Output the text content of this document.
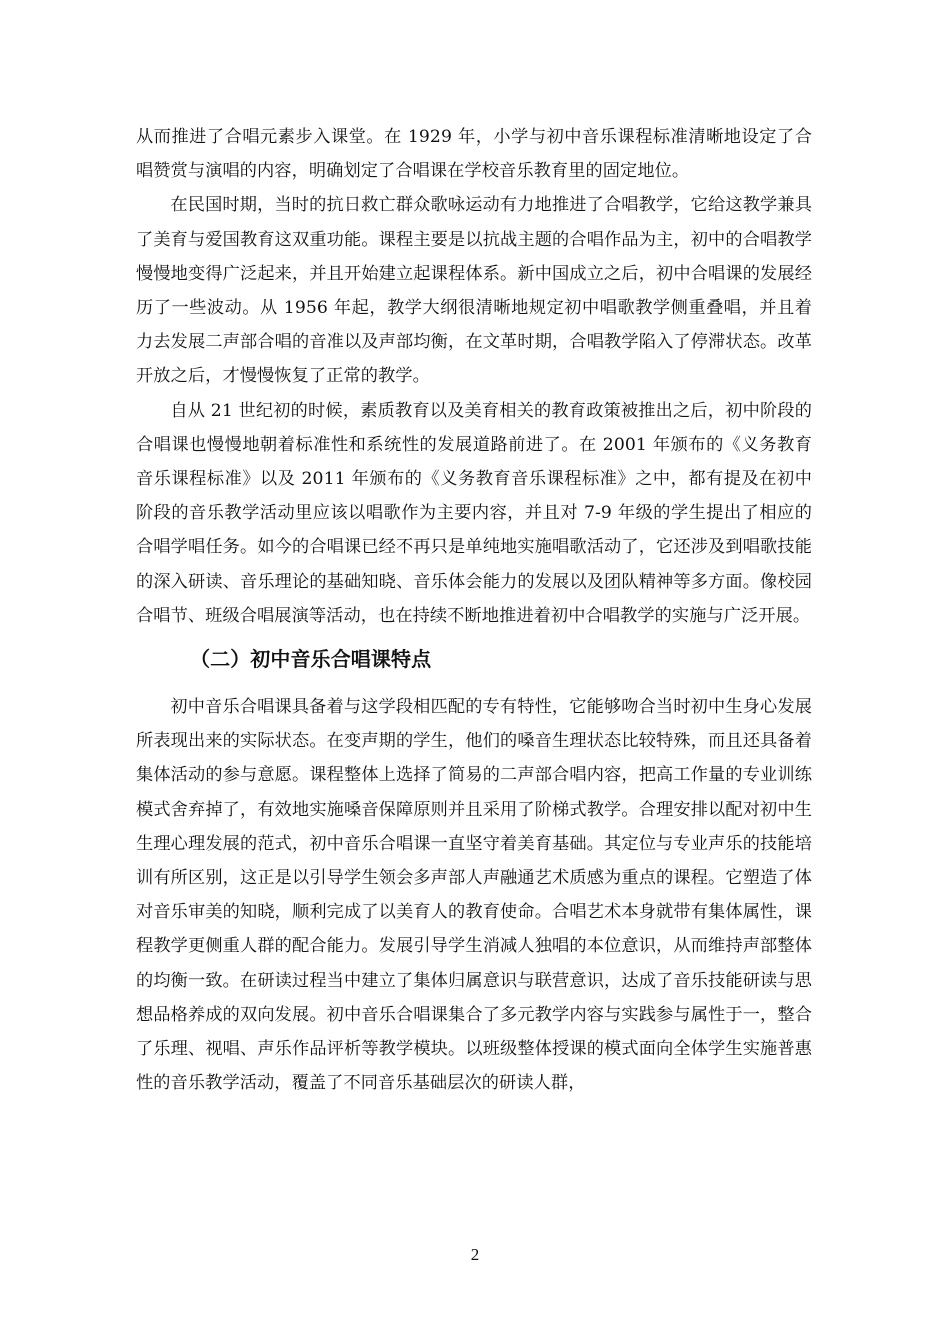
从而推进了合唱元素步入课堂。在 1929 年，小学与初中音乐课程标准清晰地设定了合唱赞赏与演唱的内容，明确划定了合唱课在学校音乐教育里的固定地位。

在民国时期，当时的抗日救亡群众歌咏运动有力地推进了合唱教学，它给这教学兼具了美育与爱国教育这双重功能。课程主要是以抗战主题的合唱作品为主，初中的合唱教学慢慢地变得广泛起来，并且开始建立起课程体系。新中国成立之后，初中合唱课的发展经历了一些波动。从 1956 年起，教学大纲很清晰地规定初中唱歌教学侧重叠唱，并且着力去发展二声部合唱的音准以及声部均衡，在文革时期，合唱教学陷入了停滞状态。改革开放之后，才慢慢恢复了正常的教学。

自从 21 世纪初的时候，素质教育以及美育相关的教育政策被推出之后，初中阶段的合唱课也慢慢地朝着标准性和系统性的发展道路前进了。在 2001 年颁布的《义务教育音乐课程标准》以及 2011 年颁布的《义务教育音乐课程标准》之中，都有提及在初中阶段的音乐教学活动里应该以唱歌作为主要内容，并且对 7-9 年级的学生提出了相应的合唱学唱任务。如今的合唱课已经不再只是单纯地实施唱歌活动了，它还涉及到唱歌技能的深入研读、音乐理论的基础知晓、音乐体会能力的发展以及团队精神等多方面。像校园合唱节、班级合唱展演等活动，也在持续不断地推进着初中合唱教学的实施与广泛开展。

（二）初中音乐合唱课特点

初中音乐合唱课具备着与这学段相匹配的专有特性，它能够吻合当时初中生身心发展所表现出来的实际状态。在变声期的学生，他们的嗓音生理状态比较特殊，而且还具备着集体活动的参与意愿。课程整体上选择了简易的二声部合唱内容，把高工作量的专业训练模式舍弃掉了，有效地实施嗓音保障原则并且采用了阶梯式教学。合理安排以配对初中生生理心理发展的范式，初中音乐合唱课一直坚守着美育基础。其定位与专业声乐的技能培训有所区别，这正是以引导学生领会多声部人声融通艺术质感为重点的课程。它塑造了体对音乐审美的知晓，顺利完成了以美育人的教育使命。合唱艺术本身就带有集体属性，课程教学更侧重人群的配合能力。发展引导学生消减人独唱的本位意识，从而维持声部整体的均衡一致。在研读过程当中建立了集体归属意识与联营意识，达成了音乐技能研读与思想品格养成的双向发展。初中音乐合唱课集合了多元教学内容与实践参与属性于一，整合了乐理、视唱、声乐作品评析等教学模块。以班级整体授课的模式面向全体学生实施普惠性的音乐教学活动，覆盖了不同音乐基础层次的研读人群，

2
